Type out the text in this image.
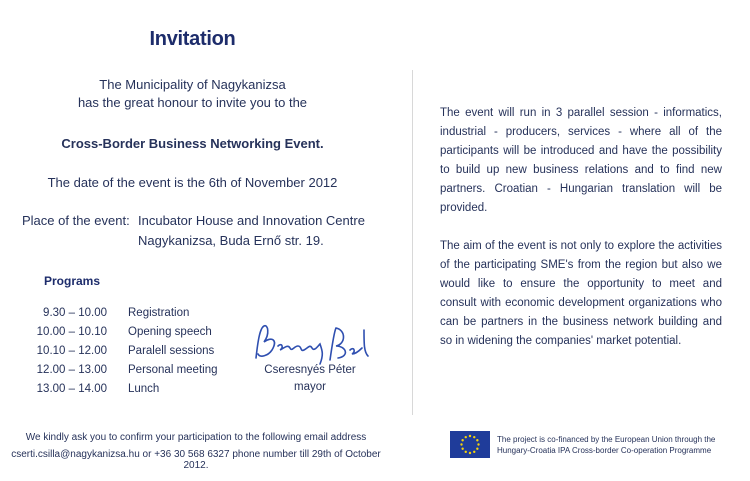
Invitation
The Municipality of Nagykanizsa
has the great honour to invite you to the
Cross-Border Business Networking Event.
The date of the event is the 6th of November 2012
Place of the event: Incubator House and Innovation Centre
Nagykanizsa, Buda Ernő str. 19.
Programs
9.30 – 10.00 Registration
10.00 – 10.10 Opening speech
10.10 – 12.00 Paralell sessions
12.00 – 13.00 Personal meeting
13.00 – 14.00 Lunch
Cseresnyés Péter
mayor
We kindly ask you to confirm your participation to the following email address
cserti.csilla@nagykanizsa.hu or +36 30 568 6327 phone number till 29th of October 2012.

The event will run in 3 parallel session - informatics, industrial - producers, services - where all of the participants will be introduced and have the possibility to build up new business relations and to find new partners. Croatian - Hungarian translation will be provided.

The aim of the event is not only to explore the activities of the participating SME's from the region but also we would like to ensure the opportunity to meet and consult with economic development organizations who can be partners in the business network building and so in widening the companies' market potential.

The project is co-financed by the European Union through the
Hungary-Croatia IPA Cross-border Co-operation Programme
